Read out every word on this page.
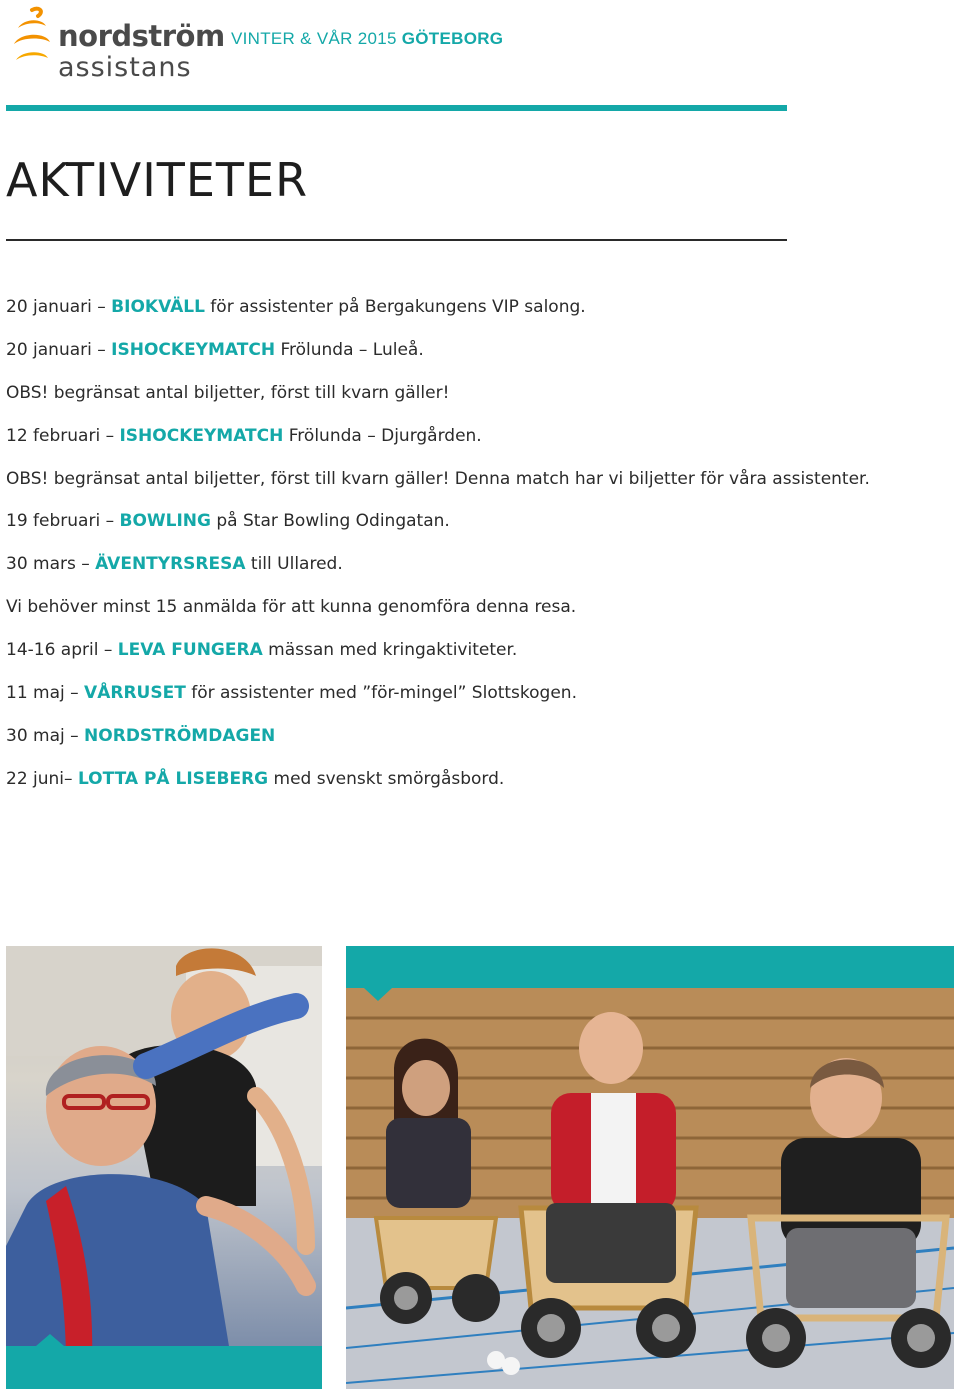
nordström
assistans
VINTER & VÅR 2015 GÖTEBORG
AKTIVITETER
20 januari – BIOKVÄLL för assistenter på Bergakungens VIP salong.
20 januari – ISHOCKEYMATCH Frölunda – Luleå.
OBS! begränsat antal biljetter, först till kvarn gäller!
12 februari – ISHOCKEYMATCH Frölunda – Djurgården.
OBS! begränsat antal biljetter, först till kvarn gäller! Denna match har vi biljetter för våra assistenter.
19 februari – BOWLING på Star Bowling Odingatan.
30 mars – ÄVENTYRSRESA till Ullared.
Vi behöver minst 15 anmälda för att kunna genomföra denna resa.
14-16 april – LEVA FUNGERA mässan med kringaktiviteter.
11 maj – VÅRRUSET för assistenter med ”för-mingel” Slottskogen.
30 maj – NORDSTRÖMDAGEN
22 juni– LOTTA PÅ LISEBERG med svenskt smörgåsbord.
